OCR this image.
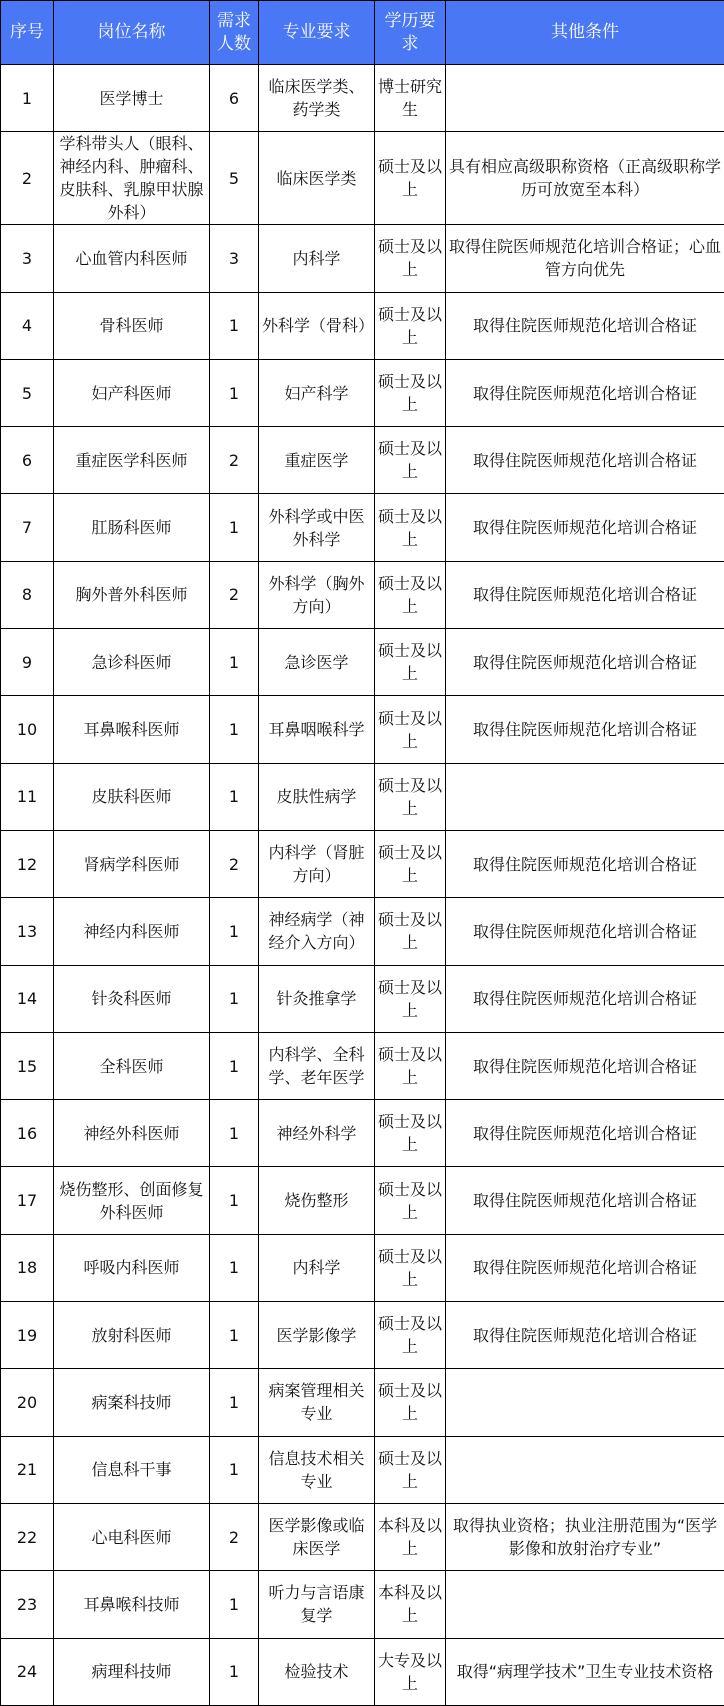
序号	岗位名称	需求人数	专业要求	学历要求	其他条件
1	医学博士	6	临床医学类、药学类	博士研究生	
2	学科带头人（眼科、神经内科、肿瘤科、皮肤科、乳腺甲状腺外科）	5	临床医学类	硕士及以上	具有相应高级职称资格（正高级职称学历可放宽至本科）
3	心血管内科医师	3	内科学	硕士及以上	取得住院医师规范化培训合格证；心血管方向优先
4	骨科医师	1	外科学（骨科）	硕士及以上	取得住院医师规范化培训合格证
5	妇产科医师	1	妇产科学	硕士及以上	取得住院医师规范化培训合格证
6	重症医学科医师	2	重症医学	硕士及以上	取得住院医师规范化培训合格证
7	肛肠科医师	1	外科学或中医外科学	硕士及以上	取得住院医师规范化培训合格证
8	胸外普外科医师	2	外科学（胸外方向）	硕士及以上	取得住院医师规范化培训合格证
9	急诊科医师	1	急诊医学	硕士及以上	取得住院医师规范化培训合格证
10	耳鼻喉科医师	1	耳鼻咽喉科学	硕士及以上	取得住院医师规范化培训合格证
11	皮肤科医师	1	皮肤性病学	硕士及以上	
12	肾病学科医师	2	内科学（肾脏方向）	硕士及以上	取得住院医师规范化培训合格证
13	神经内科医师	1	神经病学（神经介入方向）	硕士及以上	取得住院医师规范化培训合格证
14	针灸科医师	1	针灸推拿学	硕士及以上	取得住院医师规范化培训合格证
15	全科医师	1	内科学、全科学、老年医学	硕士及以上	取得住院医师规范化培训合格证
16	神经外科医师	1	神经外科学	硕士及以上	取得住院医师规范化培训合格证
17	烧伤整形、创面修复外科医师	1	烧伤整形	硕士及以上	取得住院医师规范化培训合格证
18	呼吸内科医师	1	内科学	硕士及以上	取得住院医师规范化培训合格证
19	放射科医师	1	医学影像学	硕士及以上	取得住院医师规范化培训合格证
20	病案科技师	1	病案管理相关专业	硕士及以上	
21	信息科干事	1	信息技术相关专业	硕士及以上	
22	心电科医师	2	医学影像或临床医学	本科及以上	取得执业资格；执业注册范围为“医学影像和放射治疗专业”
23	耳鼻喉科技师	1	听力与言语康复学	本科及以上	
24	病理科技师	1	检验技术	大专及以上	取得“病理学技术”卫生专业技术资格
